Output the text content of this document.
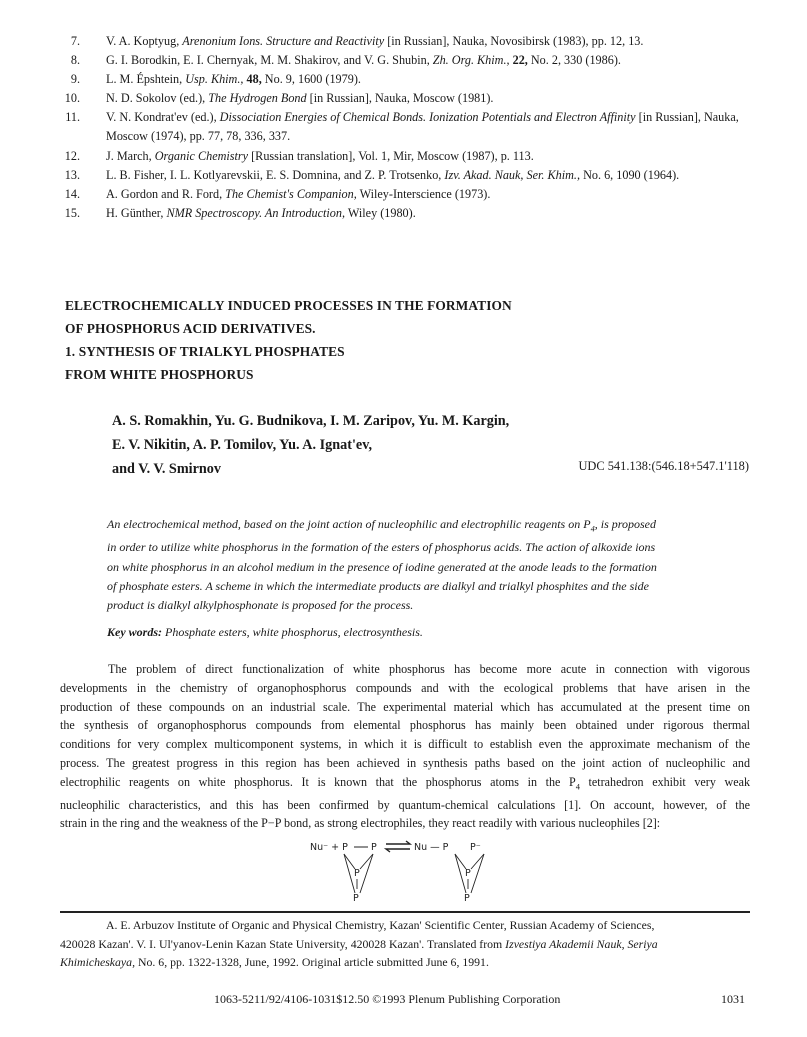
7. V. A. Koptyug, Arenonium Ions. Structure and Reactivity [in Russian], Nauka, Novosibirsk (1983), pp. 12, 13.
8. G. I. Borodkin, E. I. Chernyak, M. M. Shakirov, and V. G. Shubin, Zh. Org. Khim., 22, No. 2, 330 (1986).
9. L. M. Épshtein, Usp. Khim., 48, No. 9, 1600 (1979).
10. N. D. Sokolov (ed.), The Hydrogen Bond [in Russian], Nauka, Moscow (1981).
11. V. N. Kondrat'ev (ed.), Dissociation Energies of Chemical Bonds. Ionization Potentials and Electron Affinity [in Russian], Nauka, Moscow (1974), pp. 77, 78, 336, 337.
12. J. March, Organic Chemistry [Russian translation], Vol. 1, Mir, Moscow (1987), p. 113.
13. L. B. Fisher, I. L. Kotlyarevskii, E. S. Domnina, and Z. P. Trotsenko, Izv. Akad. Nauk, Ser. Khim., No. 6, 1090 (1964).
14. A. Gordon and R. Ford, The Chemist's Companion, Wiley-Interscience (1973).
15. H. Günther, NMR Spectroscopy. An Introduction, Wiley (1980).
ELECTROCHEMICALLY INDUCED PROCESSES IN THE FORMATION
OF PHOSPHORUS ACID DERIVATIVES.
1. SYNTHESIS OF TRIALKYL PHOSPHATES
FROM WHITE PHOSPHORUS
A. S. Romakhin, Yu. G. Budnikova, I. M. Zaripov, Yu. M. Kargin,
E. V. Nikitin, A. P. Tomilov, Yu. A. Ignat'ev,
and V. V. Smirnov	UDC 541.138:(546.18+547.1'118)
An electrochemical method, based on the joint action of nucleophilic and electrophilic reagents on $P_4$, is proposed
in order to utilize white phosphorus in the formation of the esters of phosphorus acids. The action of alkoxide ions
on white phosphorus in an alcohol medium in the presence of iodine generated at the anode leads to the formation
of phosphate esters. A scheme in which the intermediate products are dialkyl and trialkyl phosphites and the side
product is dialkyl alkylphosphonate is proposed for the process.
Key words: Phosphate esters, white phosphorus, electrosynthesis.
The problem of direct functionalization of white phosphorus has become more acute in connection with vigorous
developments in the chemistry of organophosphorus compounds and with the ecological problems that have arisen in the
production of these compounds on an industrial scale. The experimental material which has accumulated at the present time on
the synthesis of organophosphorus compounds from elemental phosphorus has mainly been obtained under rigorous thermal
conditions for very complex multicomponent systems, in which it is difficult to establish even the approximate mechanism of the
process. The greatest progress in this region has been achieved in synthesis paths based on the joint action of nucleophilic and
electrophilic reagents on white phosphorus. It is known that the phosphorus atoms in the $P_4$ tetrahedron exhibit very weak
nucleophilic characteristics, and this has been confirmed by quantum-chemical calculations [1]. On account, however, of the
strain in the ring and the weakness of the P−P bond, as strong electrophiles, they react readily with various nucleophiles [2]:
Nu⁻ + P P	Nu — P P⁻
P
P
P
P
A. E. Arbuzov Institute of Organic and Physical Chemistry, Kazan' Scientific Center, Russian Academy of Sciences,
420028 Kazan'. V. I. Ul'yanov-Lenin Kazan State University, 420028 Kazan'. Translated from Izvestiya Akademii Nauk, Seriya
Khimicheskaya, No. 6, pp. 1322-1328, June, 1992. Original article submitted June 6, 1991.
1063-5211/92/4106-1031$12.50 ©1993 Plenum Publishing Corporation	1031
